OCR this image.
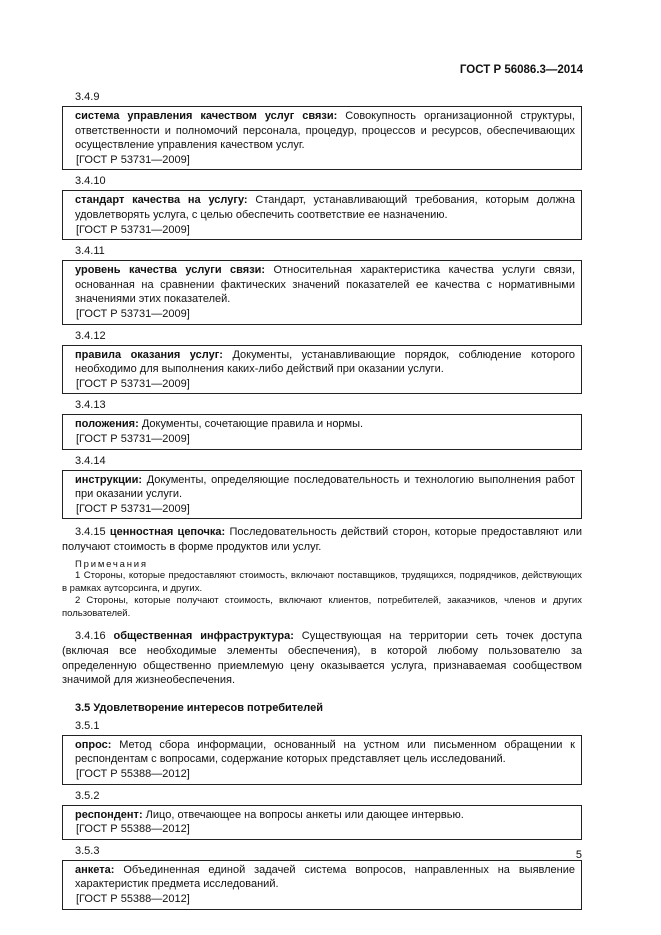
ГОСТ Р 56086.3—2014
3.4.9
система управления качеством услуг связи: Совокупность организационной структуры, ответственности и полномочий персонала, процедур, процессов и ресурсов, обеспечивающих осуществление управления качеством услуг.
[ГОСТ Р 53731—2009]
3.4.10
стандарт качества на услугу: Стандарт, устанавливающий требования, которым должна удовлетворять услуга, с целью обеспечить соответствие ее назначению.
[ГОСТ Р 53731—2009]
3.4.11
уровень качества услуги связи: Относительная характеристика качества услуги связи, основанная на сравнении фактических значений показателей ее качества с нормативными значениями этих показателей.
[ГОСТ Р 53731—2009]
3.4.12
правила оказания услуг: Документы, устанавливающие порядок, соблюдение которого необходимо для выполнения каких-либо действий при оказании услуги.
[ГОСТ Р 53731—2009]
3.4.13
положения: Документы, сочетающие правила и нормы.
[ГОСТ Р 53731—2009]
3.4.14
инструкции: Документы, определяющие последовательность и технологию выполнения работ при оказании услуги.
[ГОСТ Р 53731—2009]
3.4.15 ценностная цепочка: Последовательность действий сторон, которые предоставляют или получают стоимость в форме продуктов или услуг.
Примечания
1 Стороны, которые предоставляют стоимость, включают поставщиков, трудящихся, подрядчиков, действующих в рамках аутсорсинга, и других.
2 Стороны, которые получают стоимость, включают клиентов, потребителей, заказчиков, членов и других пользователей.
3.4.16 общественная инфраструктура: Существующая на территории сеть точек доступа (включая все необходимые элементы обеспечения), в которой любому пользователю за определенную общественно приемлемую цену оказывается услуга, признаваемая сообществом значимой для жизнеобеспечения.
3.5 Удовлетворение интересов потребителей
3.5.1
опрос: Метод сбора информации, основанный на устном или письменном обращении к респондентам с вопросами, содержание которых представляет цель исследований.
[ГОСТ Р 55388—2012]
3.5.2
респондент: Лицо, отвечающее на вопросы анкеты или дающее интервью.
[ГОСТ Р 55388—2012]
3.5.3
анкета: Объединенная единой задачей система вопросов, направленных на выявление характеристик предмета исследований.
[ГОСТ Р 55388—2012]
5
